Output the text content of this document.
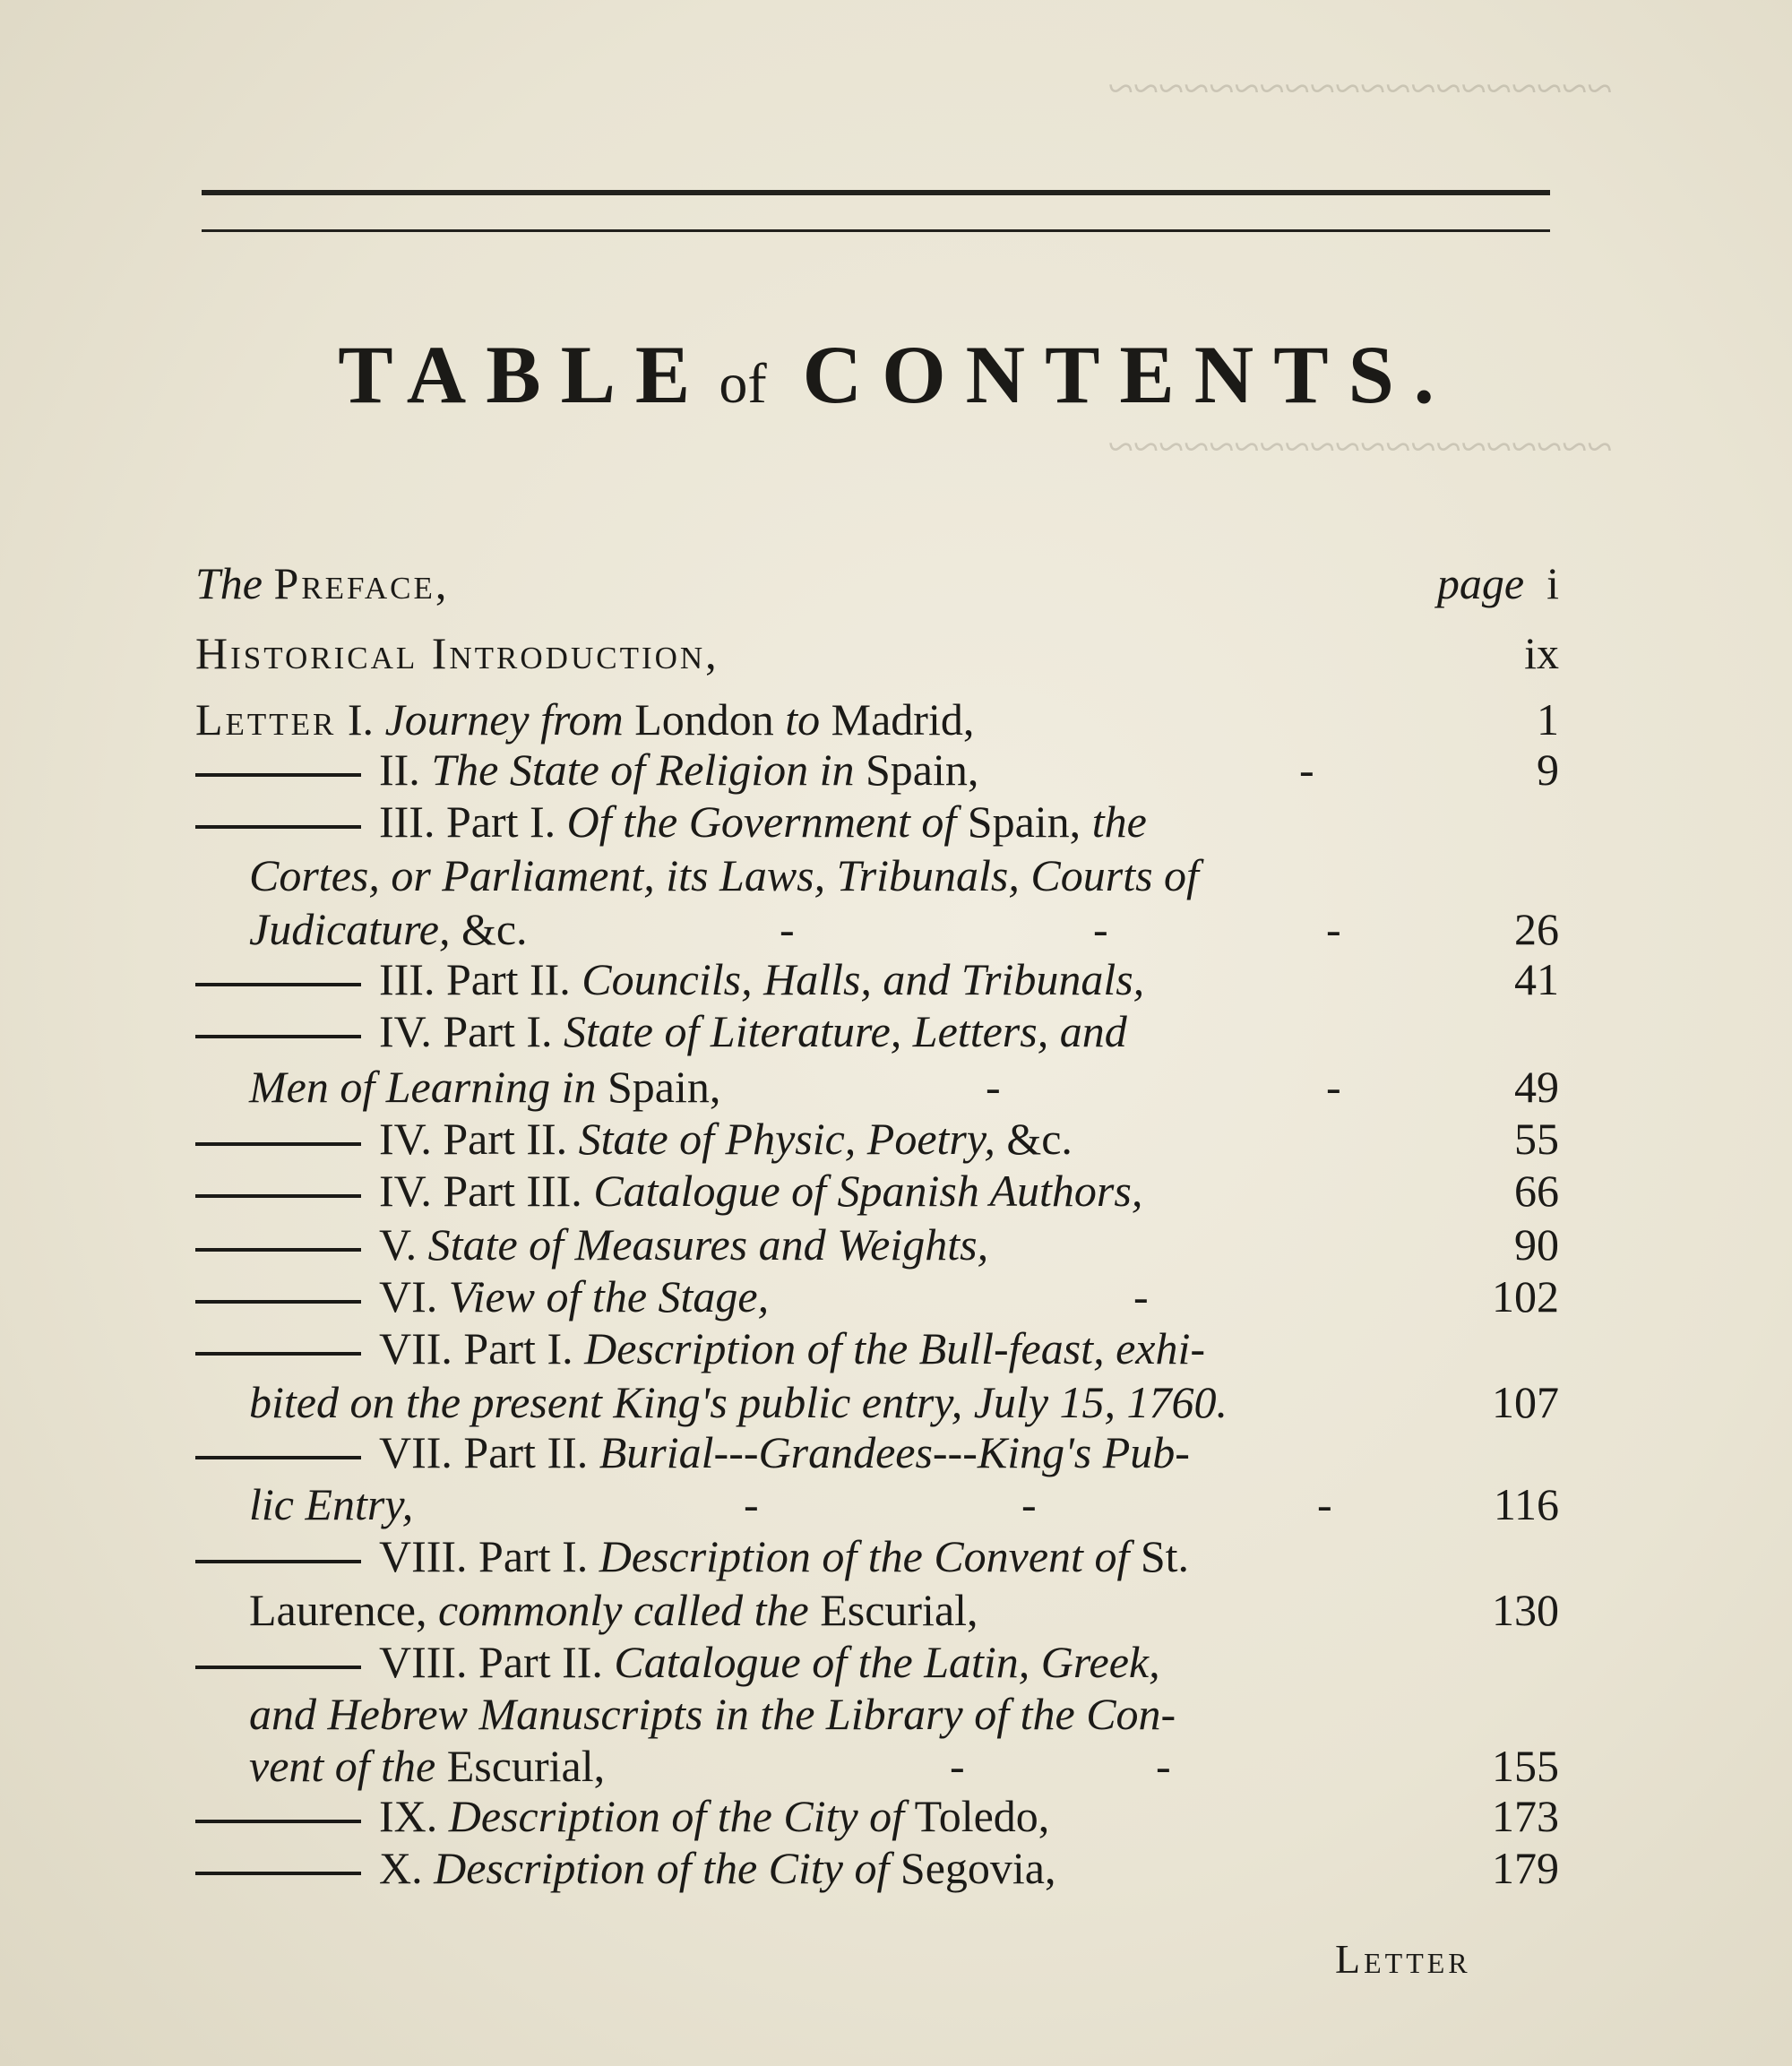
~~~~~~~~~~~~~~~~~~~~
~~~~~~~~~~~~~~~~~~~~
TABLE of CONTENTS.
The Preface,	page i
Historical Introduction,	ix
Letter I. Journey from London to Madrid,	1
II. The State of Religion in Spain,	-	9
III. Part I. Of the Government of Spain, the
Cortes, or Parliament, its Laws, Tribunals, Courts of
Judicature, &c.	-	-	-	26
III. Part II. Councils, Halls, and Tribunals,	41
IV. Part I. State of Literature, Letters, and
Men of Learning in Spain,	-	-	49
IV. Part II. State of Physic, Poetry, &c.	55
IV. Part III. Catalogue of Spanish Authors,	66
V. State of Measures and Weights,	90
VI. View of the Stage,	-	102
VII. Part I. Description of the Bull-feast, exhi-
bited on the present King's public entry, July 15, 1760.	107
VII. Part II. Burial---Grandees---King's Pub-
lic Entry,	-	-	-	116
VIII. Part I. Description of the Convent of St.
Laurence, commonly called the Escurial,	130
VIII. Part II. Catalogue of the Latin, Greek,
and Hebrew Manuscripts in the Library of the Con-
vent of the Escurial,	-	-	155
IX. Description of the City of Toledo,	173
X. Description of the City of Segovia,	179
Letter
